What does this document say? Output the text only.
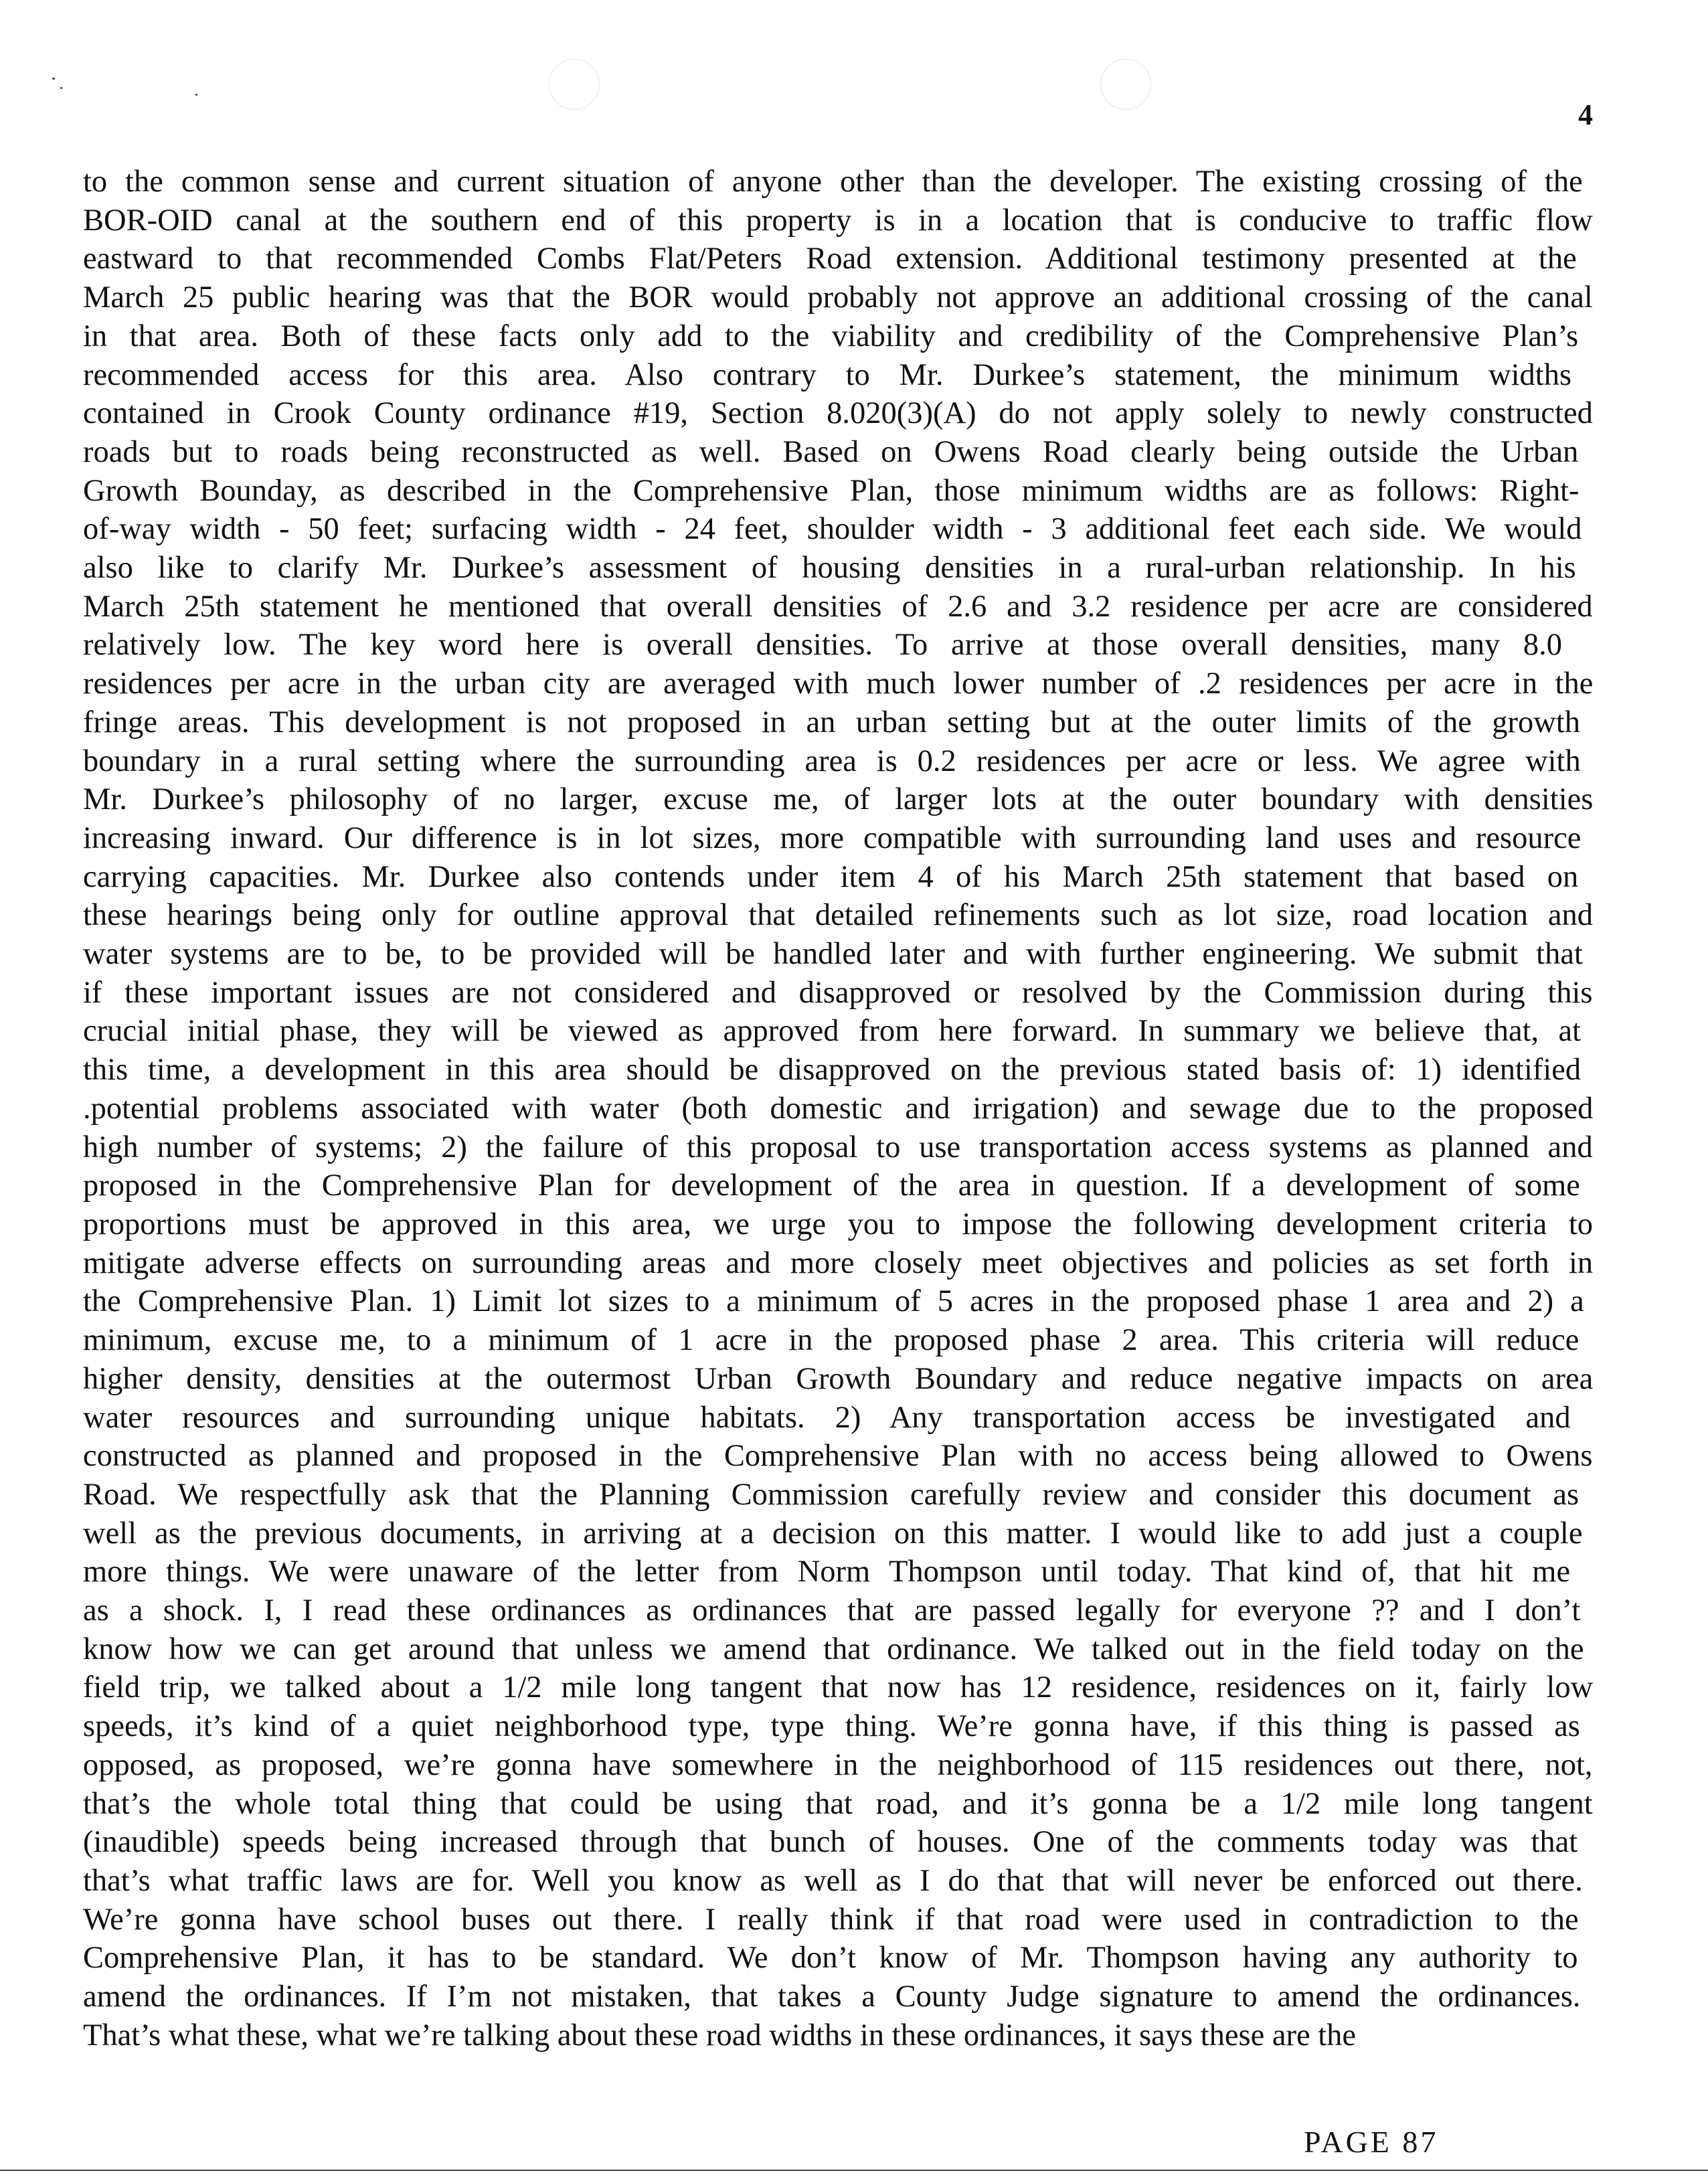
4
to the common sense and current situation of anyone other than the developer. The existing crossing of the
BOR-OID canal at the southern end of this property is in a location that is conducive to traffic flow
eastward to that recommended Combs Flat/Peters Road extension. Additional testimony presented at the
March 25 public hearing was that the BOR would probably not approve an additional crossing of the canal
in that area. Both of these facts only add to the viability and credibility of the Comprehensive Plan’s
recommended access for this area. Also contrary to Mr. Durkee’s statement, the minimum widths
contained in Crook County ordinance #19, Section 8.020(3)(A) do not apply solely to newly constructed
roads but to roads being reconstructed as well. Based on Owens Road clearly being outside the Urban
Growth Bounday, as described in the Comprehensive Plan, those minimum widths are as follows: Right-
of-way width - 50 feet; surfacing width - 24 feet, shoulder width - 3 additional feet each side. We would
also like to clarify Mr. Durkee’s assessment of housing densities in a rural-urban relationship. In his
March 25th statement he mentioned that overall densities of 2.6 and 3.2 residence per acre are considered
relatively low. The key word here is overall densities. To arrive at those overall densities, many 8.0
residences per acre in the urban city are averaged with much lower number of .2 residences per acre in the
fringe areas. This development is not proposed in an urban setting but at the outer limits of the growth
boundary in a rural setting where the surrounding area is 0.2 residences per acre or less. We agree with
Mr. Durkee’s philosophy of no larger, excuse me, of larger lots at the outer boundary with densities
increasing inward. Our difference is in lot sizes, more compatible with surrounding land uses and resource
carrying capacities. Mr. Durkee also contends under item 4 of his March 25th statement that based on
these hearings being only for outline approval that detailed refinements such as lot size, road location and
water systems are to be, to be provided will be handled later and with further engineering. We submit that
if these important issues are not considered and disapproved or resolved by the Commission during this
crucial initial phase, they will be viewed as approved from here forward. In summary we believe that, at
this time, a development in this area should be disapproved on the previous stated basis of: 1) identified
.potential problems associated with water (both domestic and irrigation) and sewage due to the proposed
high number of systems; 2) the failure of this proposal to use transportation access systems as planned and
proposed in the Comprehensive Plan for development of the area in question. If a development of some
proportions must be approved in this area, we urge you to impose the following development criteria to
mitigate adverse effects on surrounding areas and more closely meet objectives and policies as set forth in
the Comprehensive Plan. 1) Limit lot sizes to a minimum of 5 acres in the proposed phase 1 area and 2) a
minimum, excuse me, to a minimum of 1 acre in the proposed phase 2 area. This criteria will reduce
higher density, densities at the outermost Urban Growth Boundary and reduce negative impacts on area
water resources and surrounding unique habitats. 2) Any transportation access be investigated and
constructed as planned and proposed in the Comprehensive Plan with no access being allowed to Owens
Road. We respectfully ask that the Planning Commission carefully review and consider this document as
well as the previous documents, in arriving at a decision on this matter. I would like to add just a couple
more things. We were unaware of the letter from Norm Thompson until today. That kind of, that hit me
as a shock. I, I read these ordinances as ordinances that are passed legally for everyone ?? and I don’t
know how we can get around that unless we amend that ordinance. We talked out in the field today on the
field trip, we talked about a 1/2 mile long tangent that now has 12 residence, residences on it, fairly low
speeds, it’s kind of a quiet neighborhood type, type thing. We’re gonna have, if this thing is passed as
opposed, as proposed, we’re gonna have somewhere in the neighborhood of 115 residences out there, not,
that’s the whole total thing that could be using that road, and it’s gonna be a 1/2 mile long tangent
(inaudible) speeds being increased through that bunch of houses. One of the comments today was that
that’s what traffic laws are for. Well you know as well as I do that that will never be enforced out there.
We’re gonna have school buses out there. I really think if that road were used in contradiction to the
Comprehensive Plan, it has to be standard. We don’t know of Mr. Thompson having any authority to
amend the ordinances. If I’m not mistaken, that takes a County Judge signature to amend the ordinances.
That’s what these, what we’re talking about these road widths in these ordinances, it says these are the
PAGE 87
